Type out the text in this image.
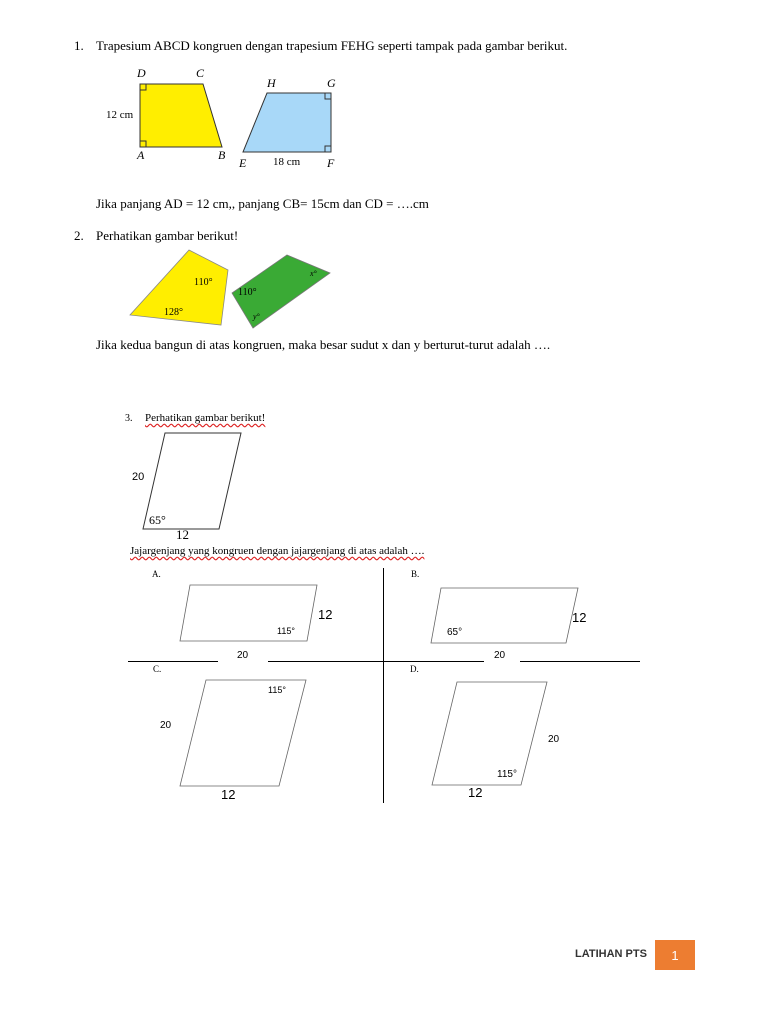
1. Trapesium ABCD kongruen dengan trapesium FEHG seperti tampak pada gambar berikut.
D	C
A	B
12 cm
H	G
E	F
18 cm
Jika panjang AD = 12 cm,, panjang CB= 15cm dan CD = ….cm
2. Perhatikan gambar berikut!
110°
128°
110°
x°
y°
Jika kedua bangun di atas kongruen, maka besar sudut x dan y berturut-turut adalah ….
3. Perhatikan gambar berikut!
20
65°
12
Jajargenjang yang kongruen dengan jajargenjang di atas adalah ….
A.
12
115°
20
B.
12
65°
20
C.
115°
20
12
D.
20
115°
12
LATIHAN PTS 1
